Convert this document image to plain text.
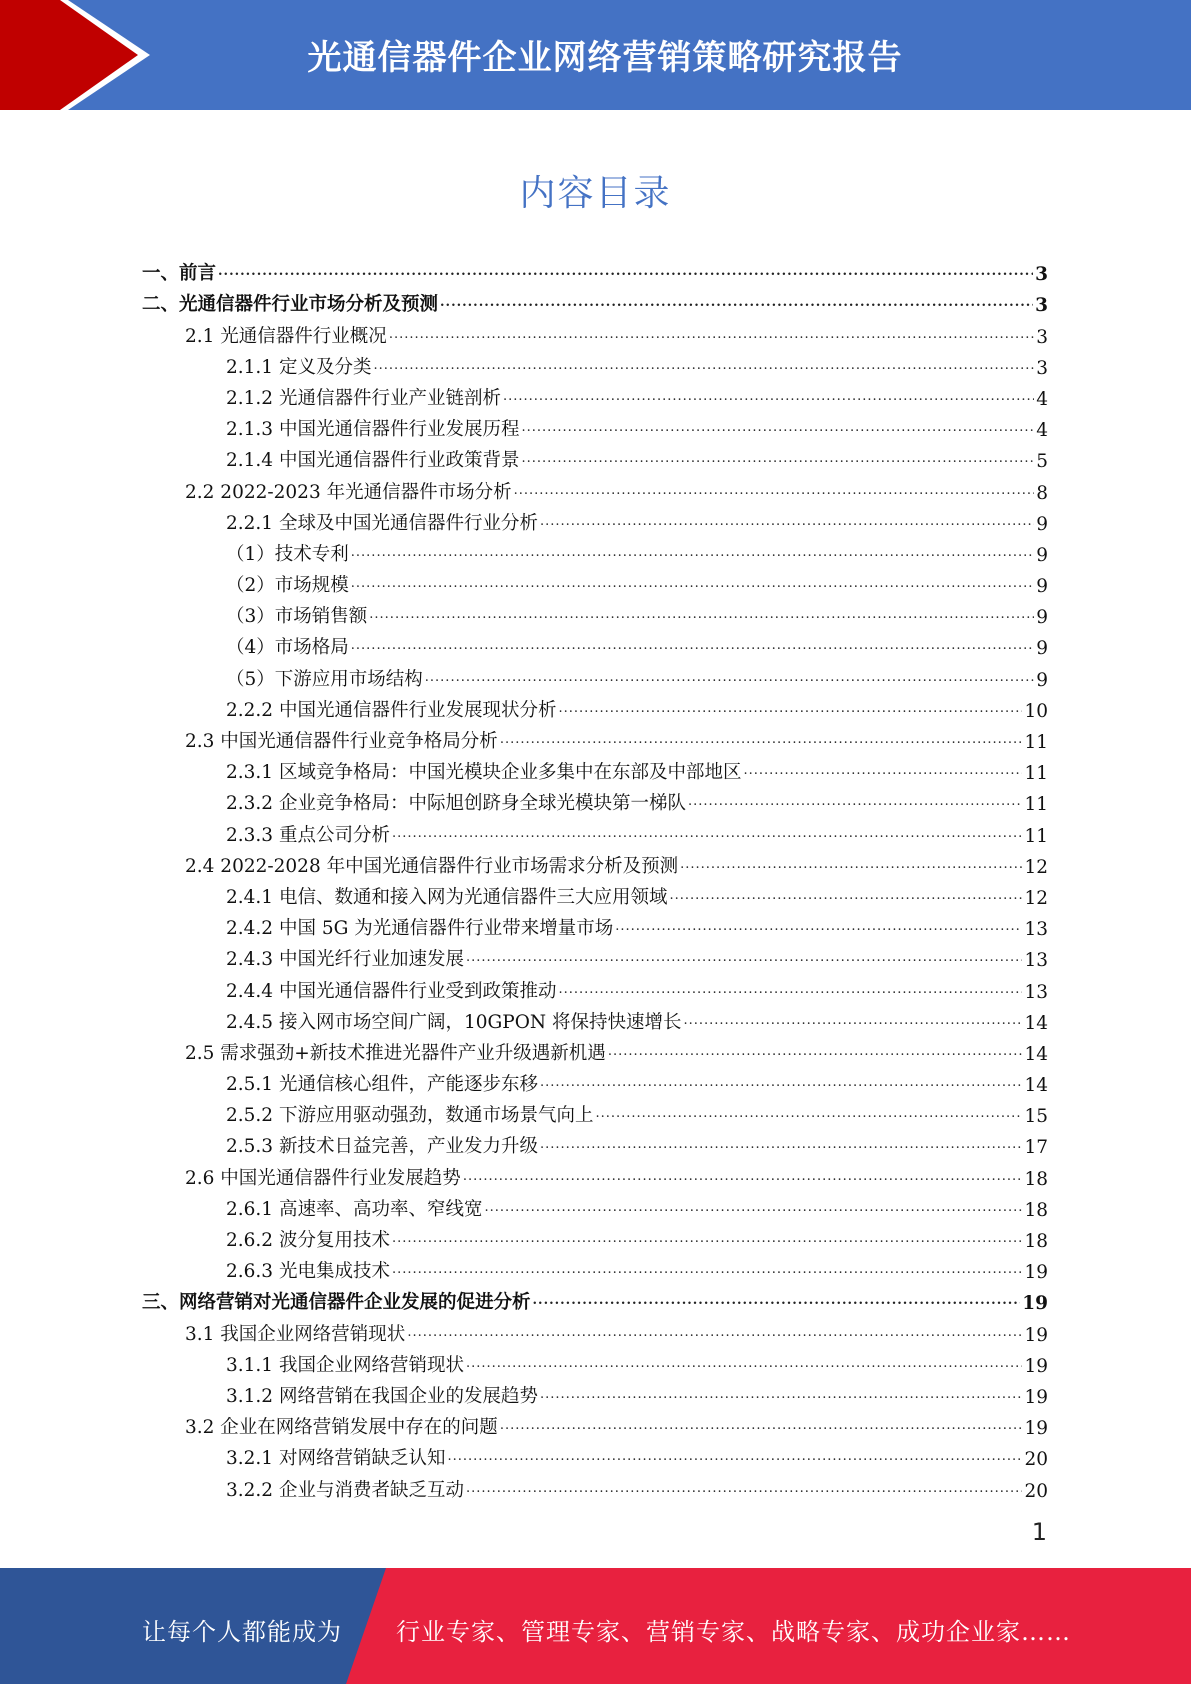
光通信器件企业网络营销策略研究报告
内容目录
一、前言 .....	3
二、光通信器件行业市场分析及预测 .....	3
2.1 光通信器件行业概况 .....	3
2.1.1 定义及分类 .....	3
2.1.2 光通信器件行业产业链剖析 .....	4
2.1.3 中国光通信器件行业发展历程 .....	4
2.1.4 中国光通信器件行业政策背景 .....	5
2.2 2022-2023 年光通信器件市场分析 .....	8
2.2.1 全球及中国光通信器件行业分析 .....	9
（1）技术专利 .....	9
（2）市场规模 .....	9
（3）市场销售额 .....	9
（4）市场格局 .....	9
（5）下游应用市场结构 .....	9
2.2.2 中国光通信器件行业发展现状分析 .....	10
2.3 中国光通信器件行业竞争格局分析 .....	11
2.3.1 区域竞争格局：中国光模块企业多集中在东部及中部地区 .....	11
2.3.2 企业竞争格局：中际旭创跻身全球光模块第一梯队 .....	11
2.3.3 重点公司分析 .....	11
2.4 2022-2028 年中国光通信器件行业市场需求分析及预测 .....	12
2.4.1 电信、数通和接入网为光通信器件三大应用领域 .....	12
2.4.2 中国 5G 为光通信器件行业带来增量市场 .....	13
2.4.3 中国光纤行业加速发展 .....	13
2.4.4 中国光通信器件行业受到政策推动 .....	13
2.4.5 接入网市场空间广阔，10GPON 将保持快速增长 .....	14
2.5 需求强劲+新技术推进光器件产业升级遇新机遇 .....	14
2.5.1 光通信核心组件，产能逐步东移 .....	14
2.5.2 下游应用驱动强劲，数通市场景气向上 .....	15
2.5.3 新技术日益完善，产业发力升级 .....	17
2.6 中国光通信器件行业发展趋势 .....	18
2.6.1 高速率、高功率、窄线宽 .....	18
2.6.2 波分复用技术 .....	18
2.6.3 光电集成技术 .....	19
三、网络营销对光通信器件企业发展的促进分析 .....	19
3.1 我国企业网络营销现状 .....	19
3.1.1 我国企业网络营销现状 .....	19
3.1.2 网络营销在我国企业的发展趋势 .....	19
3.2 企业在网络营销发展中存在的问题 .....	19
3.2.1 对网络营销缺乏认知 .....	20
3.2.2 企业与消费者缺乏互动 .....	20
1
让每个人都能成为 行业专家、管理专家、营销专家、战略专家、成功企业家……
